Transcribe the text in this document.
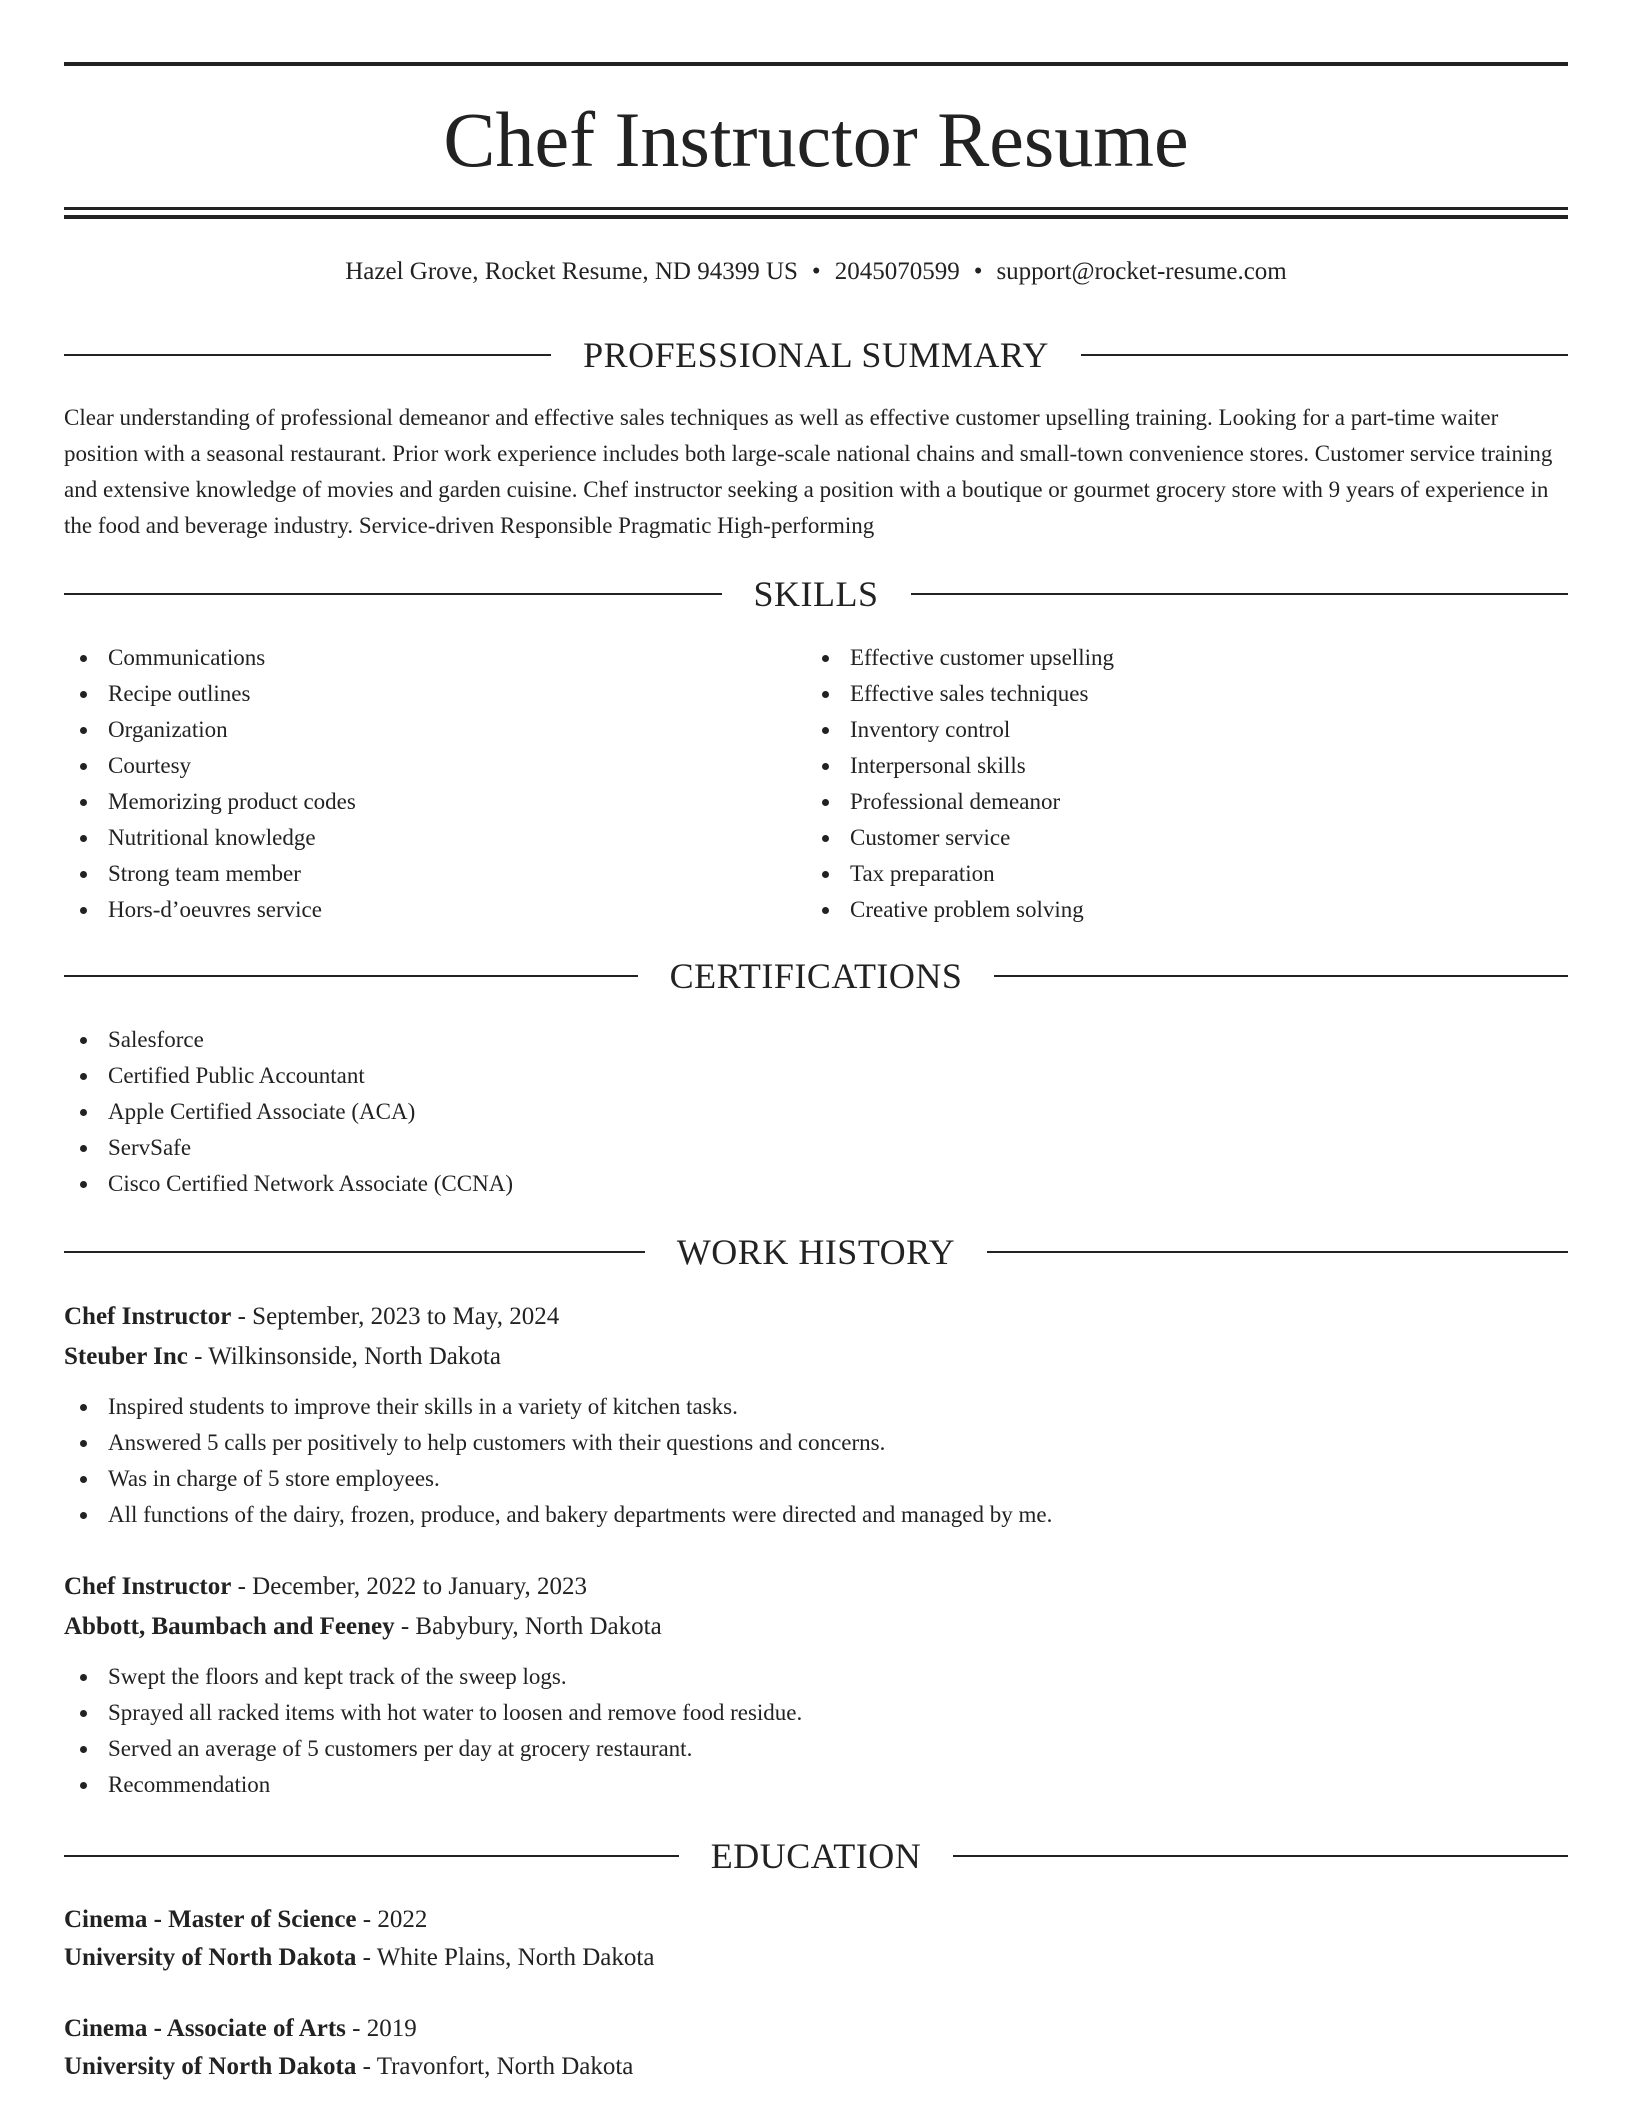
Chef Instructor Resume
Hazel Grove, Rocket Resume, ND 94399 US • 2045070599 • support@rocket-resume.com
PROFESSIONAL SUMMARY
Clear understanding of professional demeanor and effective sales techniques as well as effective customer upselling training. Looking for a part-time waiter position with a seasonal restaurant. Prior work experience includes both large-scale national chains and small-town convenience stores. Customer service training and extensive knowledge of movies and garden cuisine. Chef instructor seeking a position with a boutique or gourmet grocery store with 9 years of experience in the food and beverage industry. Service-driven Responsible Pragmatic High-performing
SKILLS
Communications
Recipe outlines
Organization
Courtesy
Memorizing product codes
Nutritional knowledge
Strong team member
Hors-d’oeuvres service
Effective customer upselling
Effective sales techniques
Inventory control
Interpersonal skills
Professional demeanor
Customer service
Tax preparation
Creative problem solving
CERTIFICATIONS
Salesforce
Certified Public Accountant
Apple Certified Associate (ACA)
ServSafe
Cisco Certified Network Associate (CCNA)
WORK HISTORY
Chef Instructor - September, 2023 to May, 2024
Steuber Inc - Wilkinsonside, North Dakota
Inspired students to improve their skills in a variety of kitchen tasks.
Answered 5 calls per positively to help customers with their questions and concerns.
Was in charge of 5 store employees.
All functions of the dairy, frozen, produce, and bakery departments were directed and managed by me.
Chef Instructor - December, 2022 to January, 2023
Abbott, Baumbach and Feeney - Babybury, North Dakota
Swept the floors and kept track of the sweep logs.
Sprayed all racked items with hot water to loosen and remove food residue.
Served an average of 5 customers per day at grocery restaurant.
Recommendation
EDUCATION
Cinema - Master of Science - 2022
University of North Dakota - White Plains, North Dakota
Cinema - Associate of Arts - 2019
University of North Dakota - Travonfort, North Dakota
